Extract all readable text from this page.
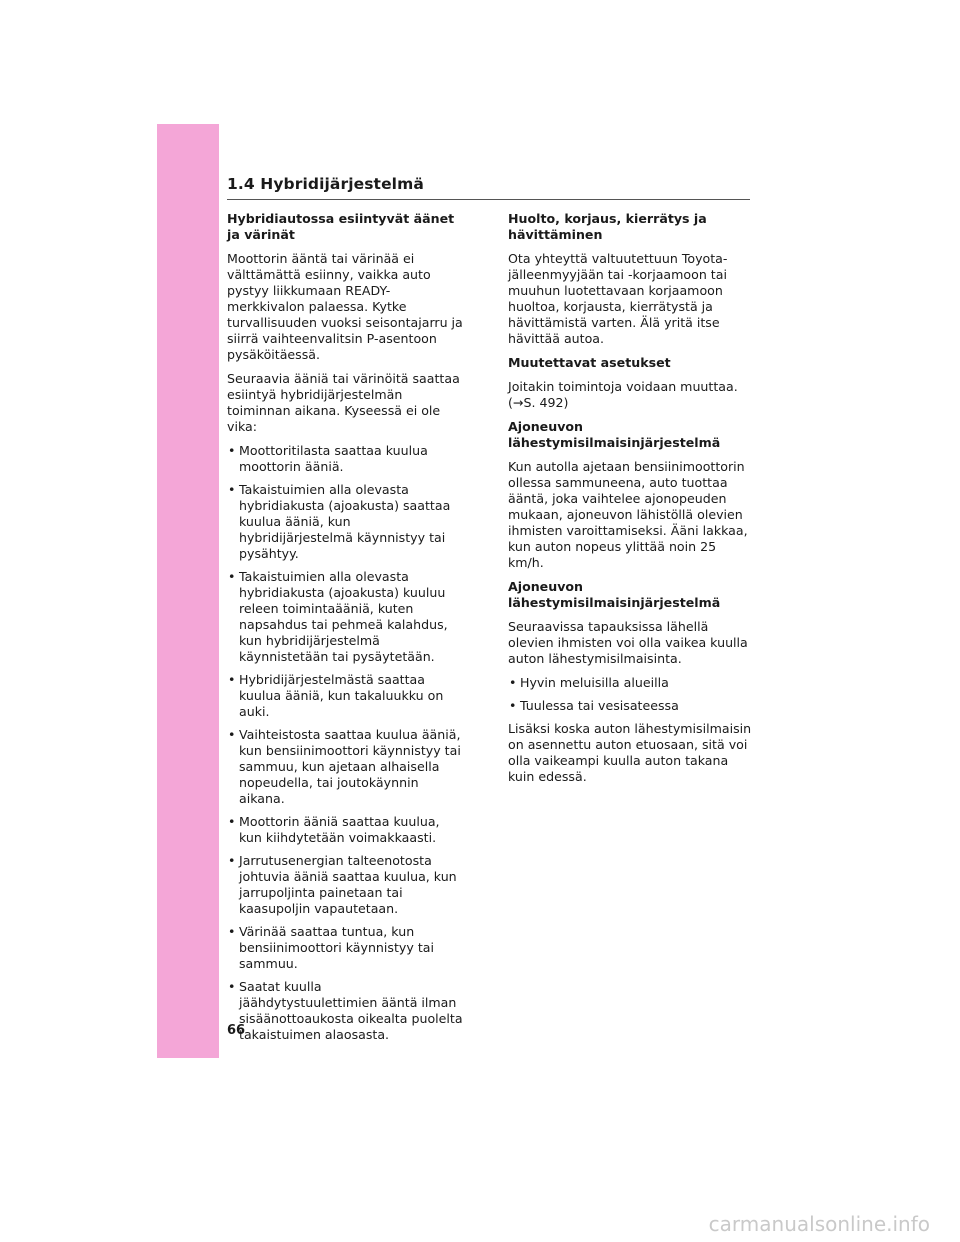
1.4 Hybridijärjestelmä
Hybridiautossa esiintyvät äänet ja värinät
Moottorin ääntä tai värinää ei välttämättä esiinny, vaikka auto pystyy liikkumaan READY-merkkivalon palaessa. Kytke turvallisuuden vuoksi seisontajarru ja siirrä vaihteenvalitsin P-asentoon pysäköitäessä.
Seuraavia ääniä tai värinöitä saattaa esiintyä hybridijärjestelmän toiminnan aikana. Kyseessä ei ole vika:
• Moottoritilasta saattaa kuulua moottorin ääniä.
• Takaistuimien alla olevasta hybridiakusta (ajoakusta) saattaa kuulua ääniä, kun hybridijärjestelmä käynnistyy tai pysähtyy.
• Takaistuimien alla olevasta hybridiakusta (ajoakusta) kuuluu releen toimintaääniä, kuten napsahdus tai pehmeä kalahdus, kun hybridijärjestelmä käynnistetään tai pysäytetään.
• Hybridijärjestelmästä saattaa kuulua ääniä, kun takaluukku on auki.
• Vaihteistosta saattaa kuulua ääniä, kun bensiinimoottori käynnistyy tai sammuu, kun ajetaan alhaisella nopeudella, tai joutokäynnin aikana.
• Moottorin ääniä saattaa kuulua, kun kiihdytetään voimakkaasti.
• Jarrutusenergian talteenotosta johtuvia ääniä saattaa kuulua, kun jarrupoljinta painetaan tai kaasupoljin vapautetaan.
• Värinää saattaa tuntua, kun bensiinimoottori käynnistyy tai sammuu.
• Saatat kuulla jäähdytystuulettimien ääntä ilman sisäänottoaukosta oikealta puolelta takaistuimen alaosasta.
Huolto, korjaus, kierrätys ja hävittäminen
Ota yhteyttä valtuutettuun Toyota-jälleenmyyjään tai -korjaamoon tai muuhun luotettavaan korjaamoon huoltoa, korjausta, kierrätystä ja hävittämistä varten. Älä yritä itse hävittää autoa.
Muutettavat asetukset
Joitakin toimintoja voidaan muuttaa.
(→S. 492)
Ajoneuvon
lähestymisilmaisinjärjestelmä
Kun autolla ajetaan bensiinimoottorin ollessa sammuneena, auto tuottaa ääntä, joka vaihtelee ajonopeuden mukaan, ajoneuvon lähistöllä olevien ihmisten varoittamiseksi. Ääni lakkaa, kun auton nopeus ylittää noin 25 km/h.
Ajoneuvon
lähestymisilmaisinjärjestelmä
Seuraavissa tapauksissa lähellä olevien ihmisten voi olla vaikea kuulla auton lähestymisilmaisinta.
• Hyvin meluisilla alueilla
• Tuulessa tai vesisateessa
Lisäksi koska auton lähestymisilmaisin on asennettu auton etuosaan, sitä voi olla vaikeampi kuulla auton takana kuin edessä.
66
carmanualsonline.info
